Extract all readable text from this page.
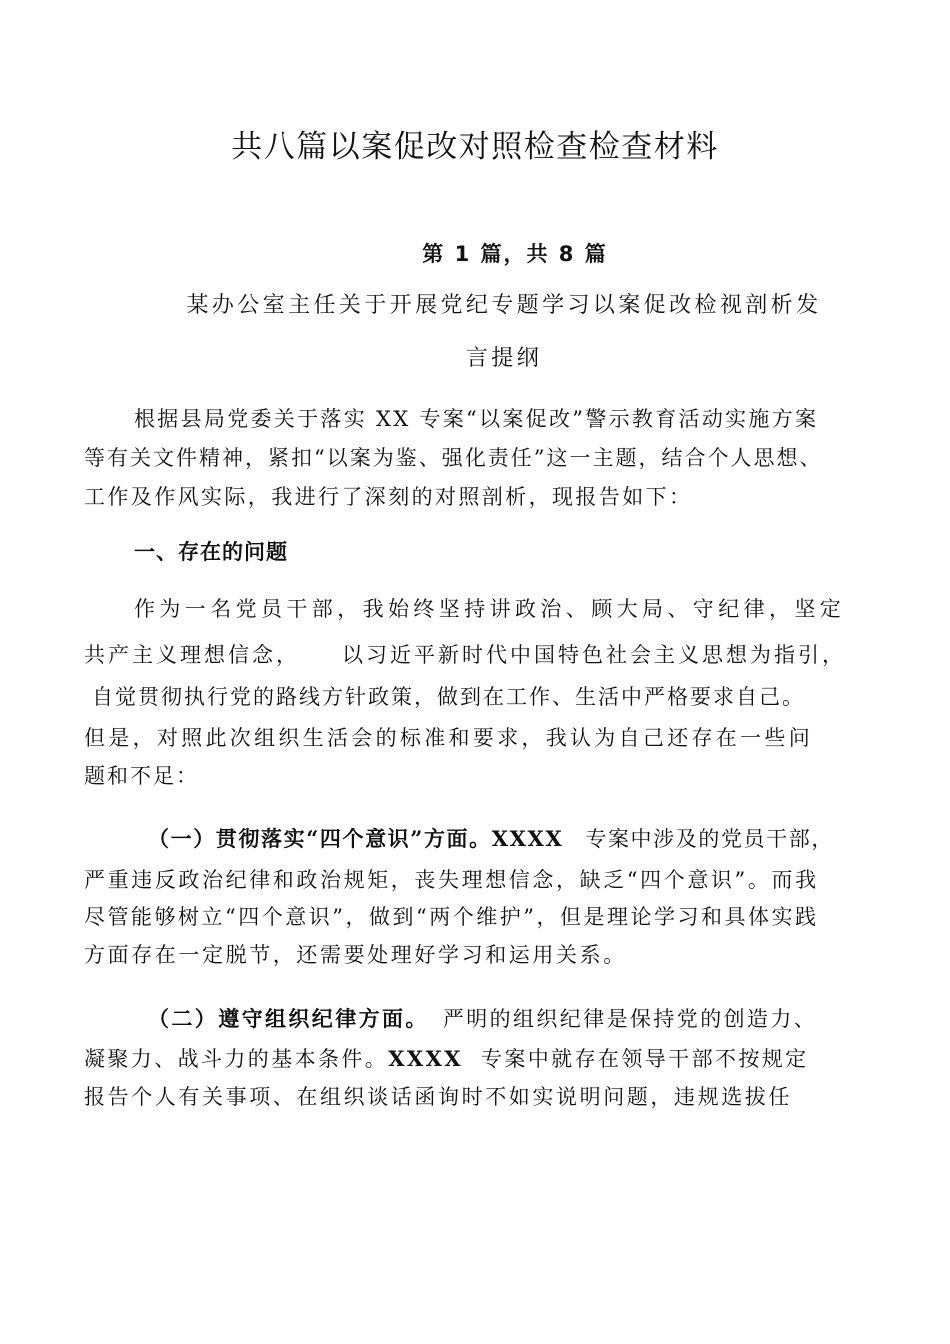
共八篇以案促改对照检查检查材料
第 1 篇，共 8 篇
某办公室主任关于开展党纪专题学习以案促改检视剖析发
言提纲
根据县局党委关于落实 XX 专案“以案促改”警示教育活动实施方案
等有关文件精神，紧扣“以案为鉴、强化责任”这一主题，结合个人思想、
工作及作风实际，我进行了深刻的对照剖析，现报告如下：
一、存在的问题
作为一名党员干部，我始终坚持讲政治、顾大局、守纪律，坚定
共产主义理想信念， 以习近平新时代中国特色社会主义思想为指引，
自觉贯彻执行党的路线方针政策，做到在工作、生活中严格要求自己。
但是，对照此次组织生活会的标准和要求，我认为自己还存在一些问
题和不足：
（一）贯彻落实“四个意识”方面。XXXX 专案中涉及的党员干部，
严重违反政治纪律和政治规矩，丧失理想信念，缺乏“四个意识”。而我
尽管能够树立“四个意识”，做到“两个维护”，但是理论学习和具体实践
方面存在一定脱节，还需要处理好学习和运用关系。
（二）遵守组织纪律方面。 严明的组织纪律是保持党的创造力、
凝聚力、战斗力的基本条件。XXXX 专案中就存在领导干部不按规定
报告个人有关事项、在组织谈话函询时不如实说明问题，违规选拔任
